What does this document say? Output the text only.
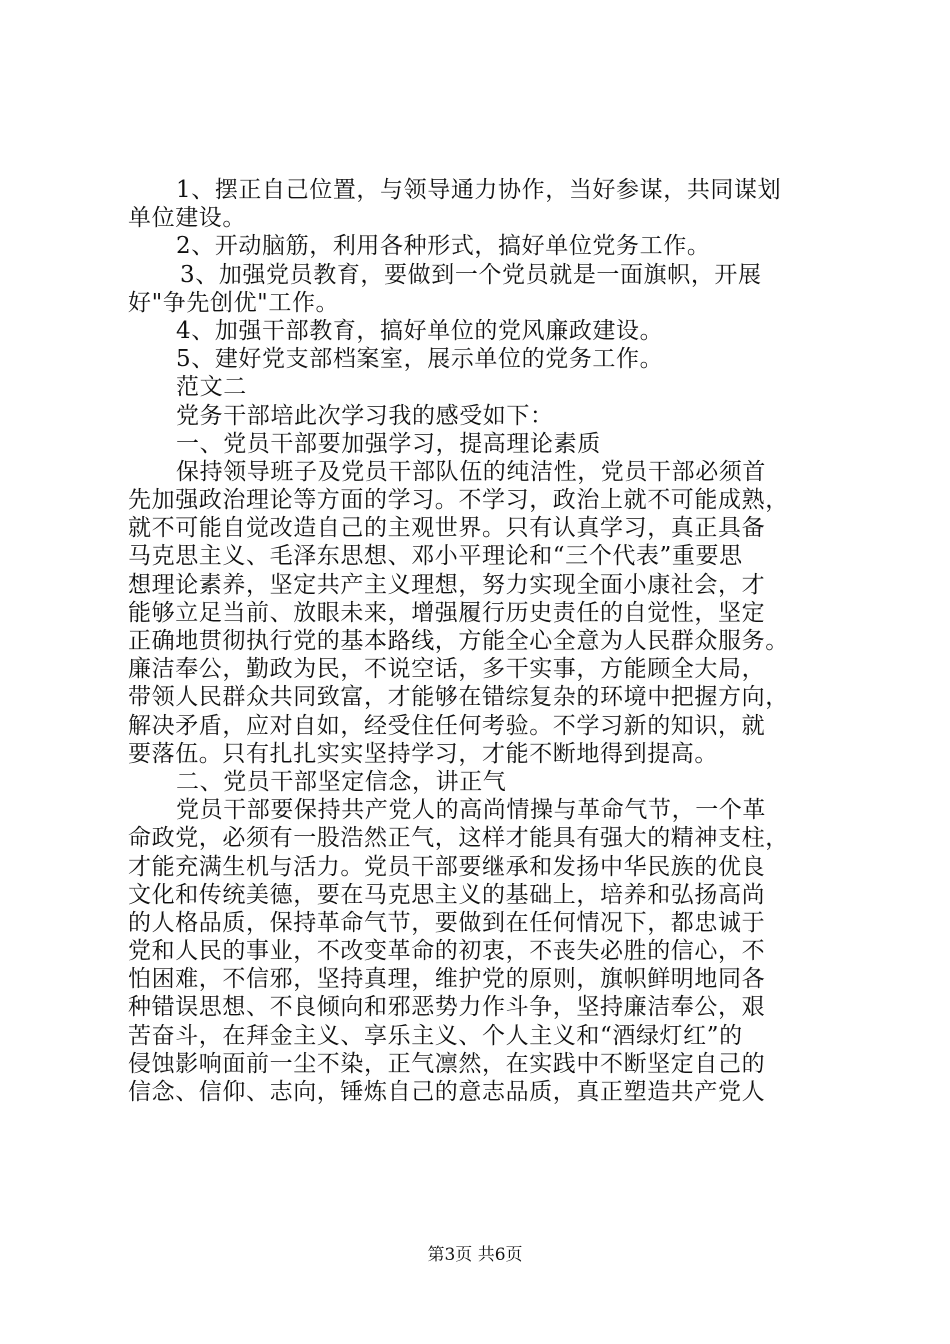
1、摆正自己位置，与领导通力协作，当好参谋，共同谋划
单位建设。
2、开动脑筋，利用各种形式，搞好单位党务工作。
3、加强党员教育，要做到一个党员就是一面旗帜，开展
好"争先创优"工作。
4、加强干部教育，搞好单位的党风廉政建设。
5、建好党支部档案室，展示单位的党务工作。
范文二
党务干部培此次学习我的感受如下：
一、党员干部要加强学习，提高理论素质
保持领导班子及党员干部队伍的纯洁性，党员干部必须首
先加强政治理论等方面的学习。不学习，政治上就不可能成熟，
就不可能自觉改造自己的主观世界。只有认真学习，真正具备
马克思主义、毛泽东思想、邓小平理论和“三个代表”重要思
想理论素养，坚定共产主义理想，努力实现全面小康社会，才
能够立足当前、放眼未来，增强履行历史责任的自觉性，坚定
正确地贯彻执行党的基本路线，方能全心全意为人民群众服务。
廉洁奉公，勤政为民，不说空话，多干实事，方能顾全大局，
带领人民群众共同致富，才能够在错综复杂的环境中把握方向，
解决矛盾，应对自如，经受住任何考验。不学习新的知识，就
要落伍。只有扎扎实实坚持学习，才能不断地得到提高。
二、党员干部坚定信念，讲正气
党员干部要保持共产党人的高尚情操与革命气节，一个革
命政党，必须有一股浩然正气，这样才能具有强大的精神支柱，
才能充满生机与活力。党员干部要继承和发扬中华民族的优良
文化和传统美德，要在马克思主义的基础上，培养和弘扬高尚
的人格品质，保持革命气节，要做到在任何情况下，都忠诚于
党和人民的事业，不改变革命的初衷，不丧失必胜的信心，不
怕困难，不信邪，坚持真理，维护党的原则，旗帜鲜明地同各
种错误思想、不良倾向和邪恶势力作斗争，坚持廉洁奉公，艰
苦奋斗，在拜金主义、享乐主义、个人主义和“酒绿灯红”的
侵蚀影响面前一尘不染，正气凛然，在实践中不断坚定自己的
信念、信仰、志向，锤炼自己的意志品质，真正塑造共产党人
第3页 共6页
